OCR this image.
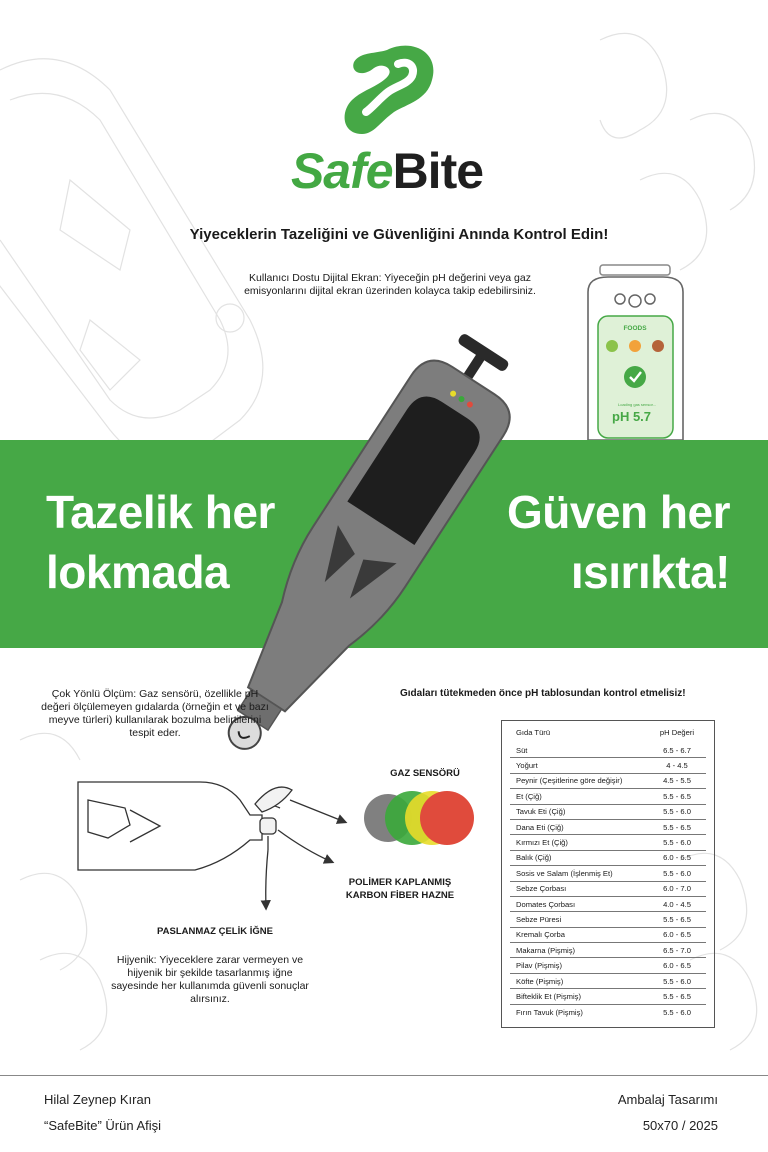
SafeBite
Yiyeceklerin Tazeliğini ve Güvenliğini Anında Kontrol Edin!
Kullanıcı Dostu Dijital Ekran: Yiyeceğin pH değerini veya gaz emisyonlarını dijital ekran üzerinden kolayca takip edebilirsiniz.
FOODS
Loading gas sensor...
pH 5.7
Tazelik her
lokmada
Güven her
ısırıkta!
Çok Yönlü Ölçüm: Gaz sensörü, özellikle pH değeri ölçülemeyen gıdalarda (örneğin et ve bazı meyve türleri) kullanılarak bozulma belirtilerini tespit eder.
Gıdaları tütekmeden önce pH tablosundan kontrol etmelisiz!
Gıda Türü	pH Değeri
Süt	6.5 - 6.7
Yoğurt	4 - 4.5
Peynir (Çeşitlerine göre değişir)	4.5 - 5.5
Et (Çiğ)	5.5 - 6.5
Tavuk Eti (Çiğ)	5.5 - 6.0
Dana Eti (Çiğ)	5.5 - 6.5
Kırmızı Et (Çiğ)	5.5 - 6.0
Balık (Çiğ)	6.0 - 6.5
Sosis ve Salam (İşlenmiş Et)	5.5 - 6.0
Sebze Çorbası	6.0 - 7.0
Domates Çorbası	4.0 - 4.5
Sebze Püresi	5.5 - 6.5
Kremalı Çorba	6.0 - 6.5
Makarna (Pişmiş)	6.5 - 7.0
Pilav (Pişmiş)	6.0 - 6.5
Köfte (Pişmiş)	5.5 - 6.0
Bifteklik Et (Pişmiş)	5.5 - 6.5
Fırın Tavuk (Pişmiş)	5.5 - 6.0
GAZ SENSÖRÜ
POLİMER KAPLANMIŞ
KARBON FİBER HAZNE
PASLANMAZ ÇELİK İĞNE
Hijyenik: Yiyeceklere zarar vermeyen ve hijyenik bir şekilde tasarlanmış iğne sayesinde her kullanımda güvenli sonuçlar alırsınız.
Hilal Zeynep Kıran
“SafeBite” Ürün Afişi
Ambalaj Tasarımı
50x70 / 2025
